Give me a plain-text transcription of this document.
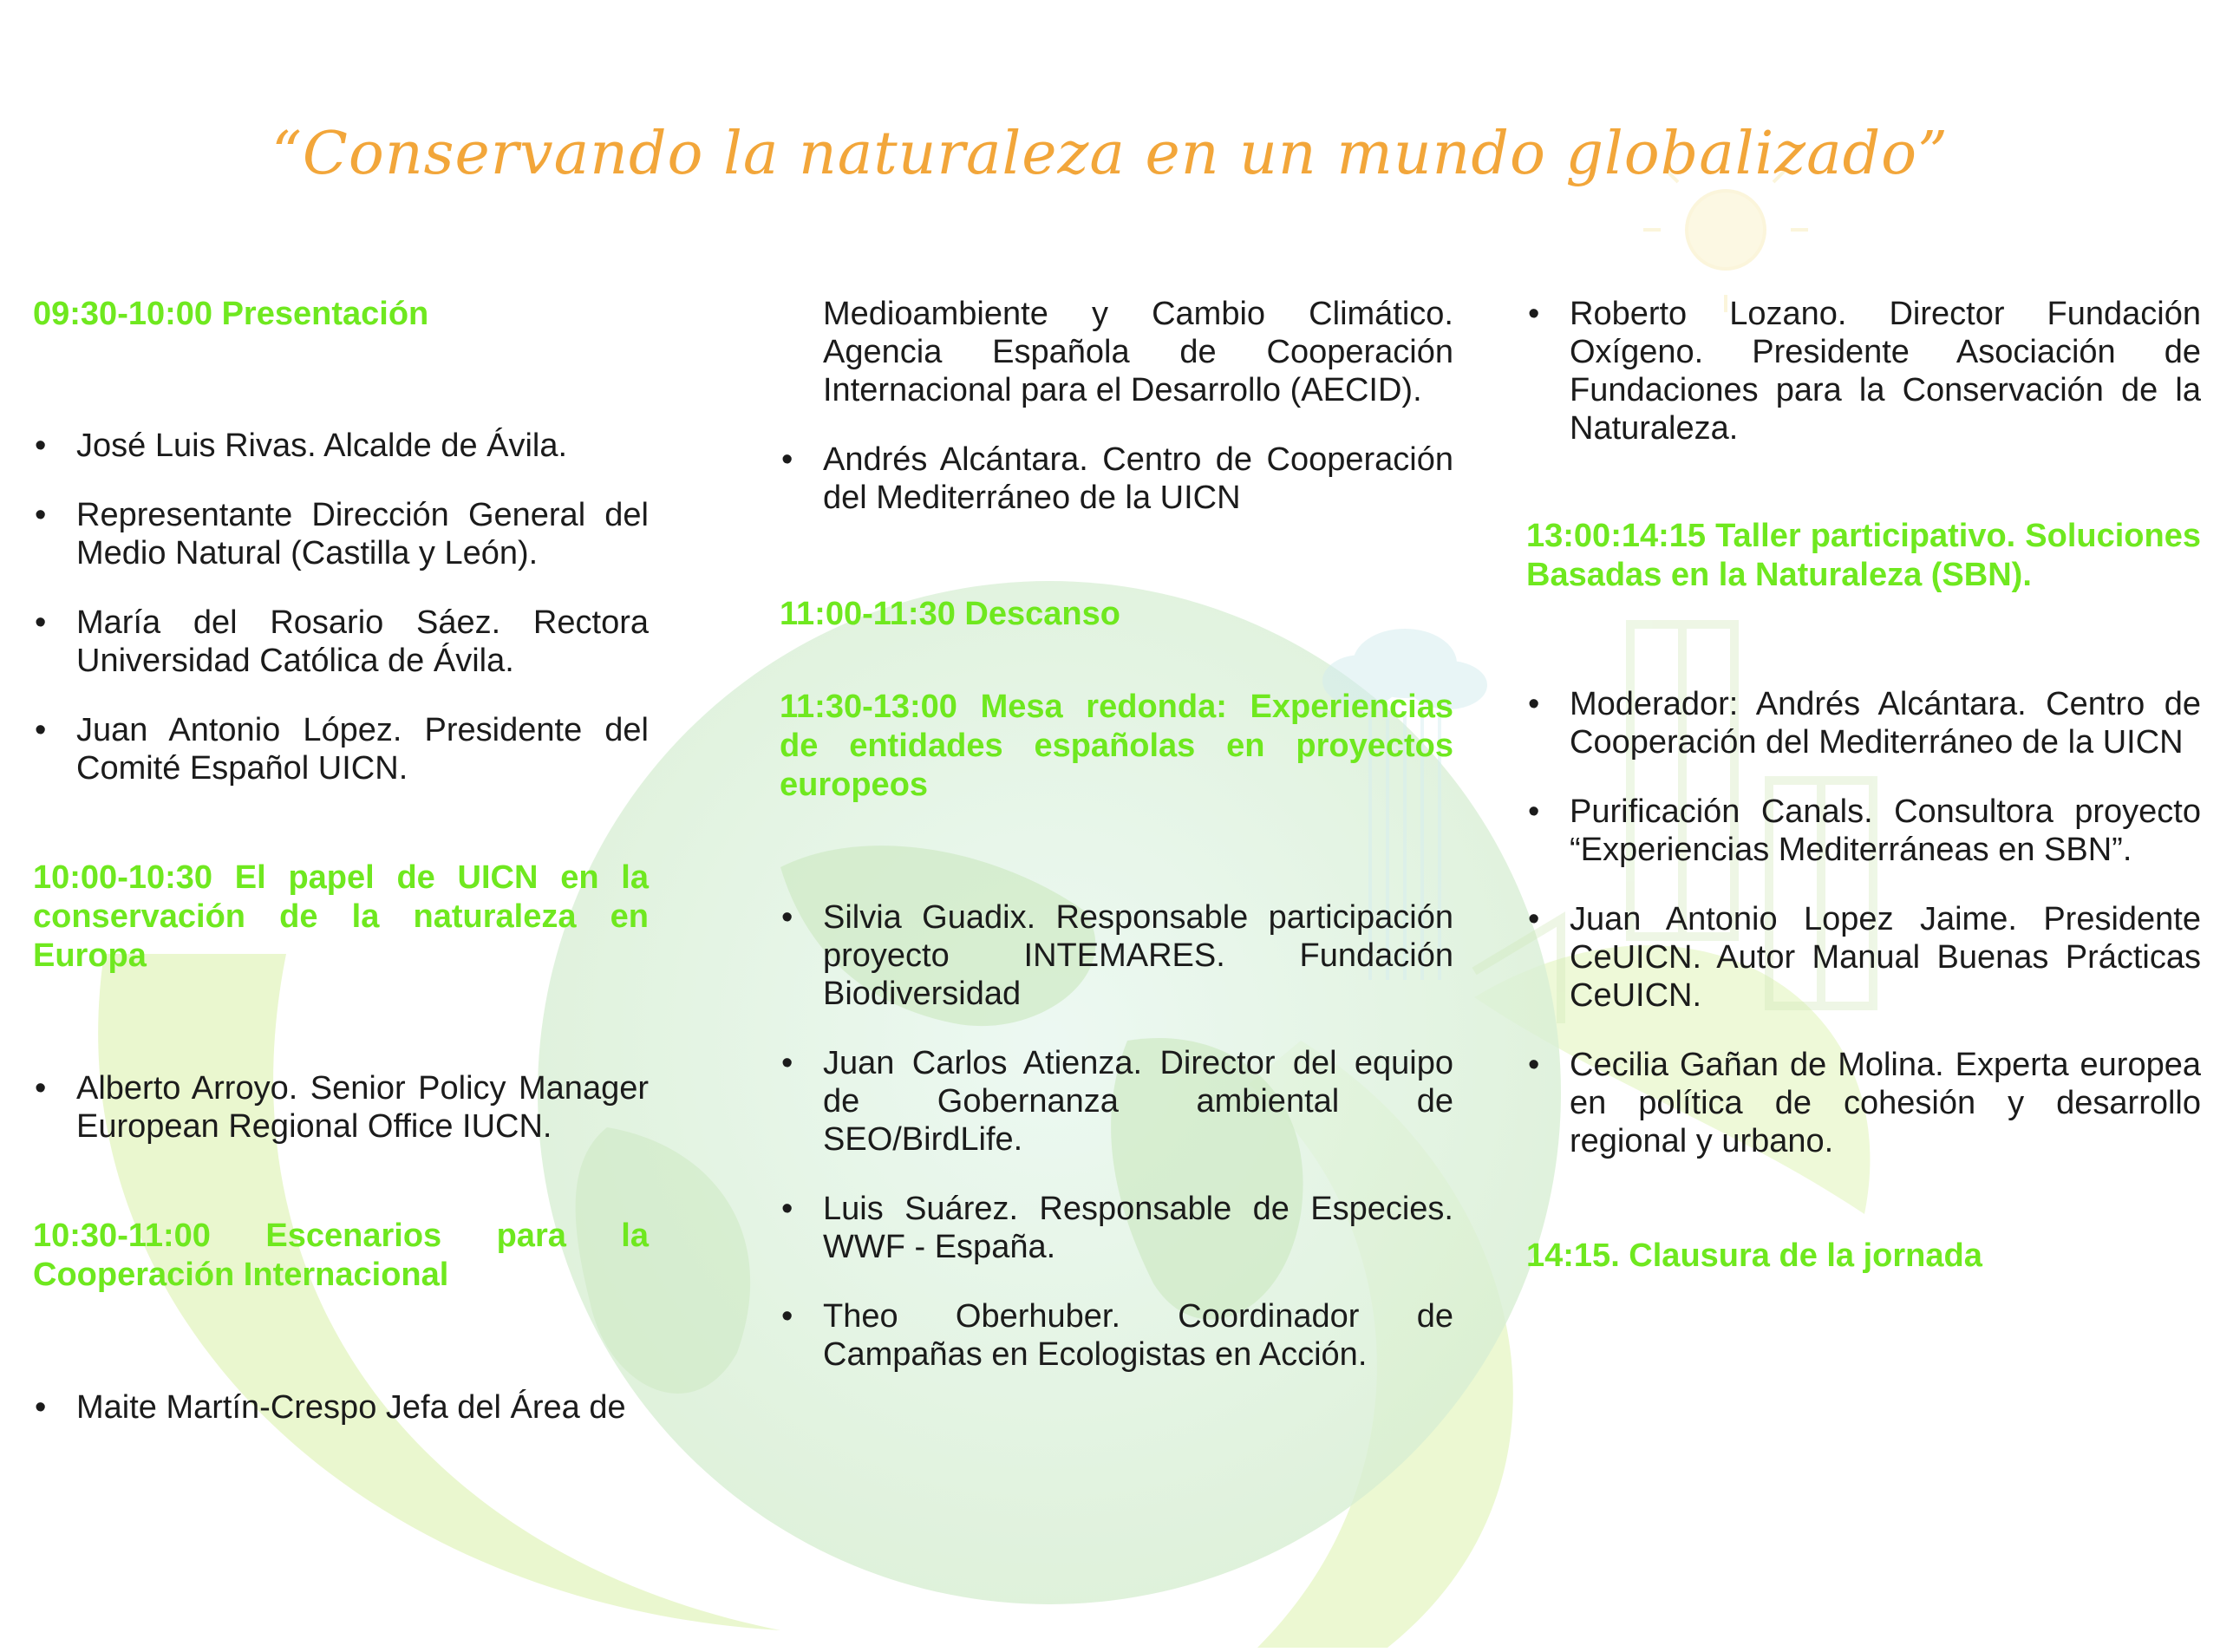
“Conservando la naturaleza en un mundo globalizado”

09:30-10:00 Presentación

• José Luis Rivas. Alcalde de Ávila.
• Representante Dirección General del Medio Natural (Castilla y León).
• María del Rosario Sáez. Rectora Universidad Católica de Ávila.
• Juan Antonio López. Presidente del Comité Español UICN.

10:00-10:30 El papel de UICN en la conservación de la naturaleza en Europa

• Alberto Arroyo. Senior Policy Manager European Regional Office IUCN.

10:30-11:00 Escenarios para la Cooperación Internacional

• Maite Martín-Crespo Jefa del Área de
Medioambiente y Cambio Climático. Agencia Española de Cooperación Internacional para el Desarrollo (AECID).
• Andrés Alcántara. Centro de Cooperación del Mediterráneo de la UICN

11:00-11:30 Descanso

11:30-13:00 Mesa redonda: Experiencias de entidades españolas en proyectos europeos

• Silvia Guadix. Responsable participación proyecto INTEMARES. Fundación Biodiversidad
• Juan Carlos Atienza. Director del equipo de Gobernanza ambiental de SEO/BirdLife.
• Luis Suárez. Responsable de Especies. WWF - España.
• Theo Oberhuber. Coordinador de Campañas en Ecologistas en Acción.
• Roberto Lozano. Director Fundación Oxígeno. Presidente Asociación de Fundaciones para la Conservación de la Naturaleza.

13:00:14:15 Taller participativo. Soluciones Basadas en la Naturaleza (SBN).

• Moderador: Andrés Alcántara. Centro de Cooperación del Mediterráneo de la UICN
• Purificación Canals. Consultora proyecto “Experiencias Mediterráneas en SBN”.
• Juan Antonio Lopez Jaime. Presidente CeUICN. Autor Manual Buenas Prácticas CeUICN.
• Cecilia Gañan de Molina. Experta europea en política de cohesión y desarrollo regional y urbano.

14:15. Clausura de la jornada
